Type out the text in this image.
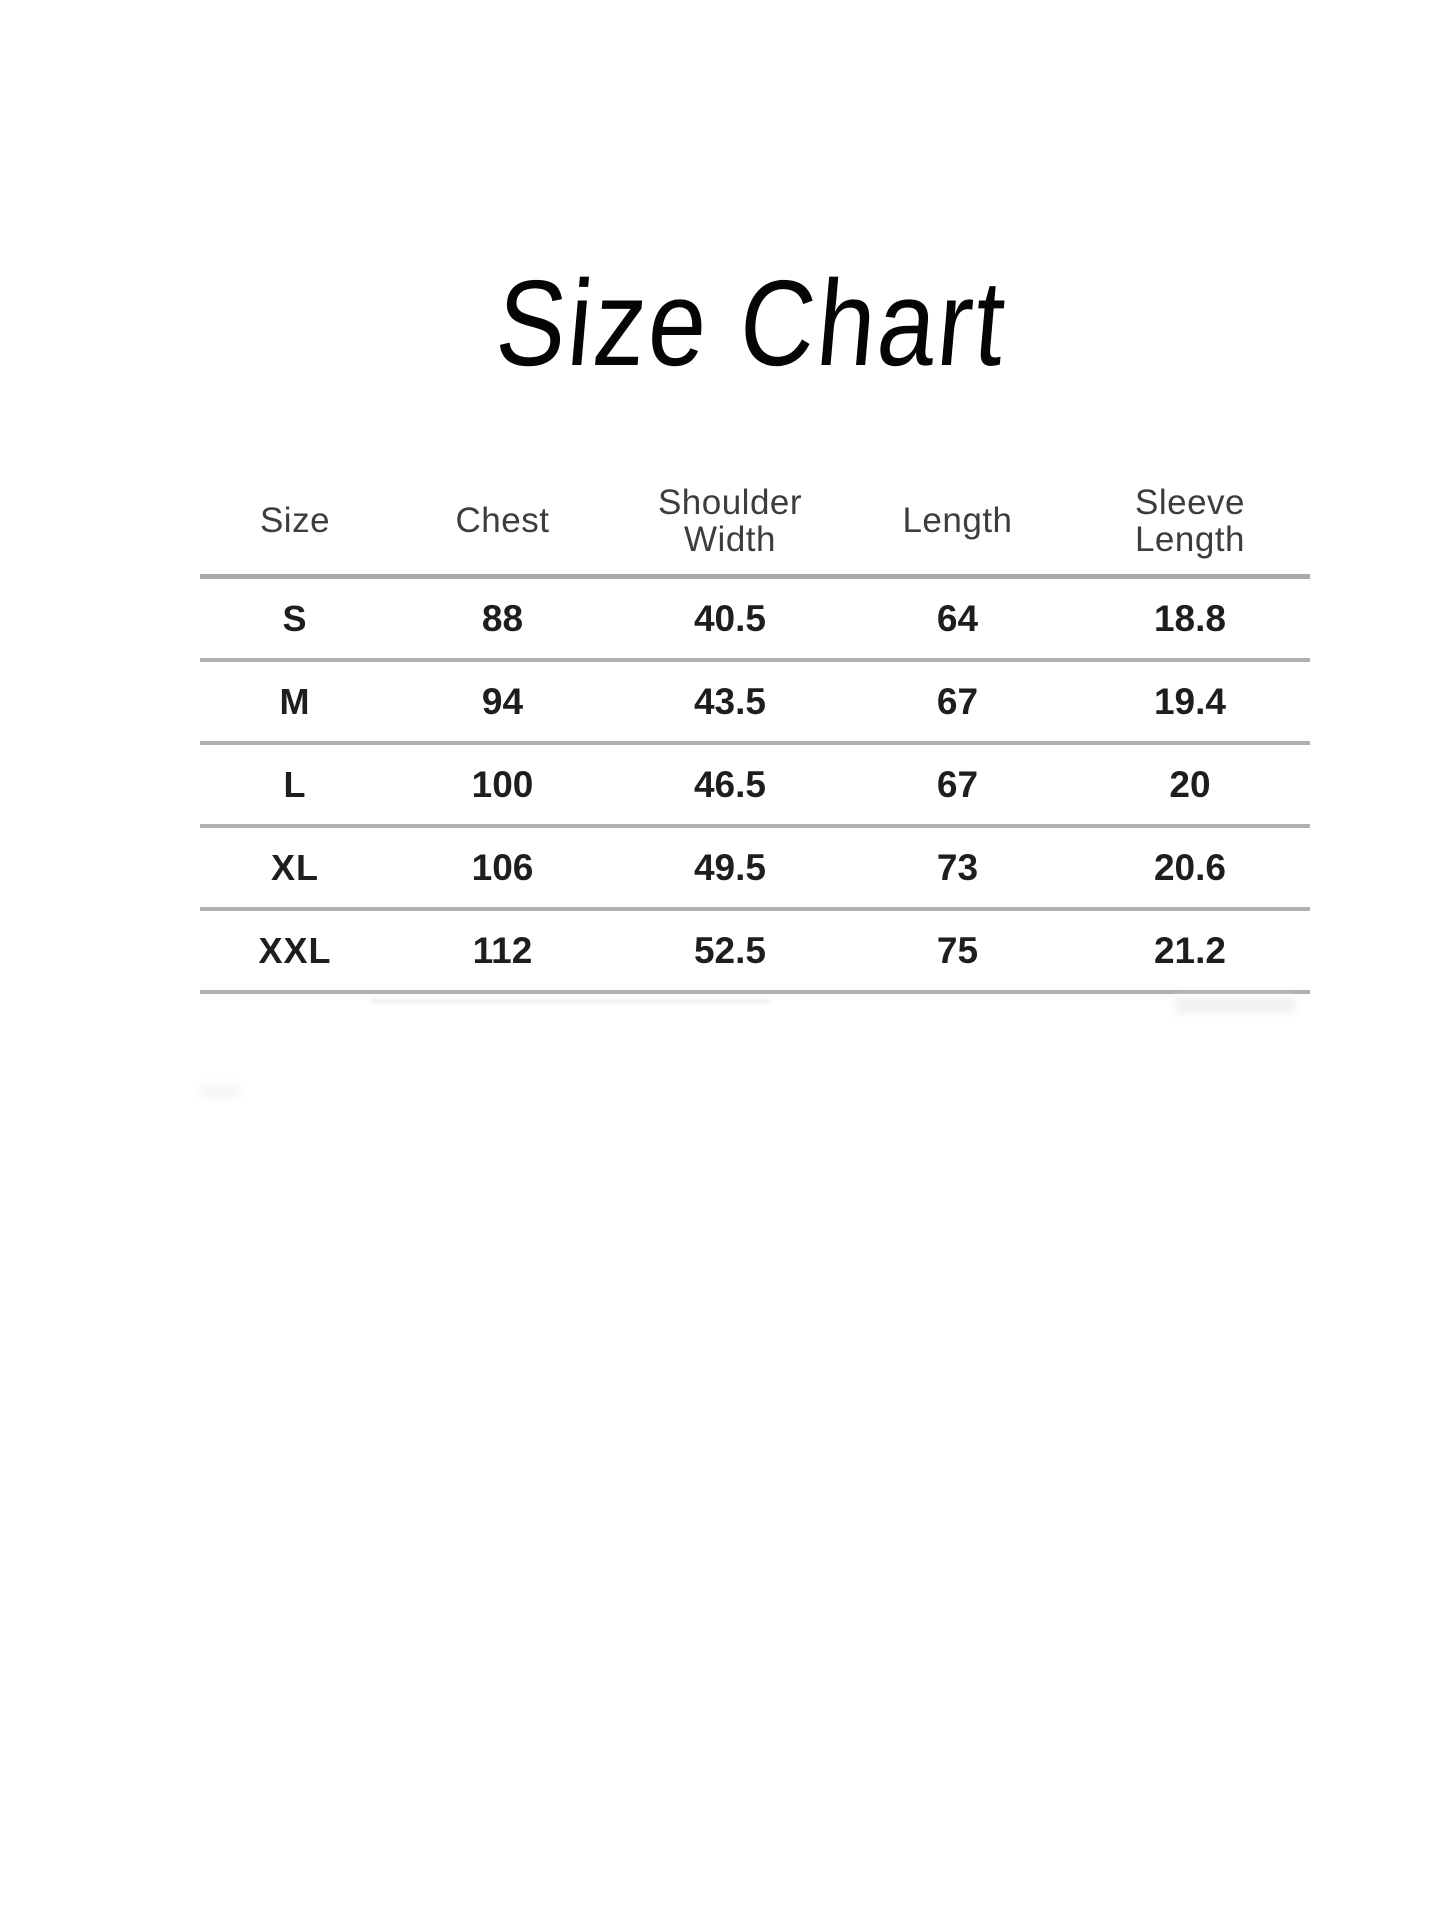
Size Chart
Size	Chest	Shoulder Width	Length	Sleeve Length
S	88	40.5	64	18.8
M	94	43.5	67	19.4
L	100	46.5	67	20
XL	106	49.5	73	20.6
XXL	112	52.5	75	21.2
